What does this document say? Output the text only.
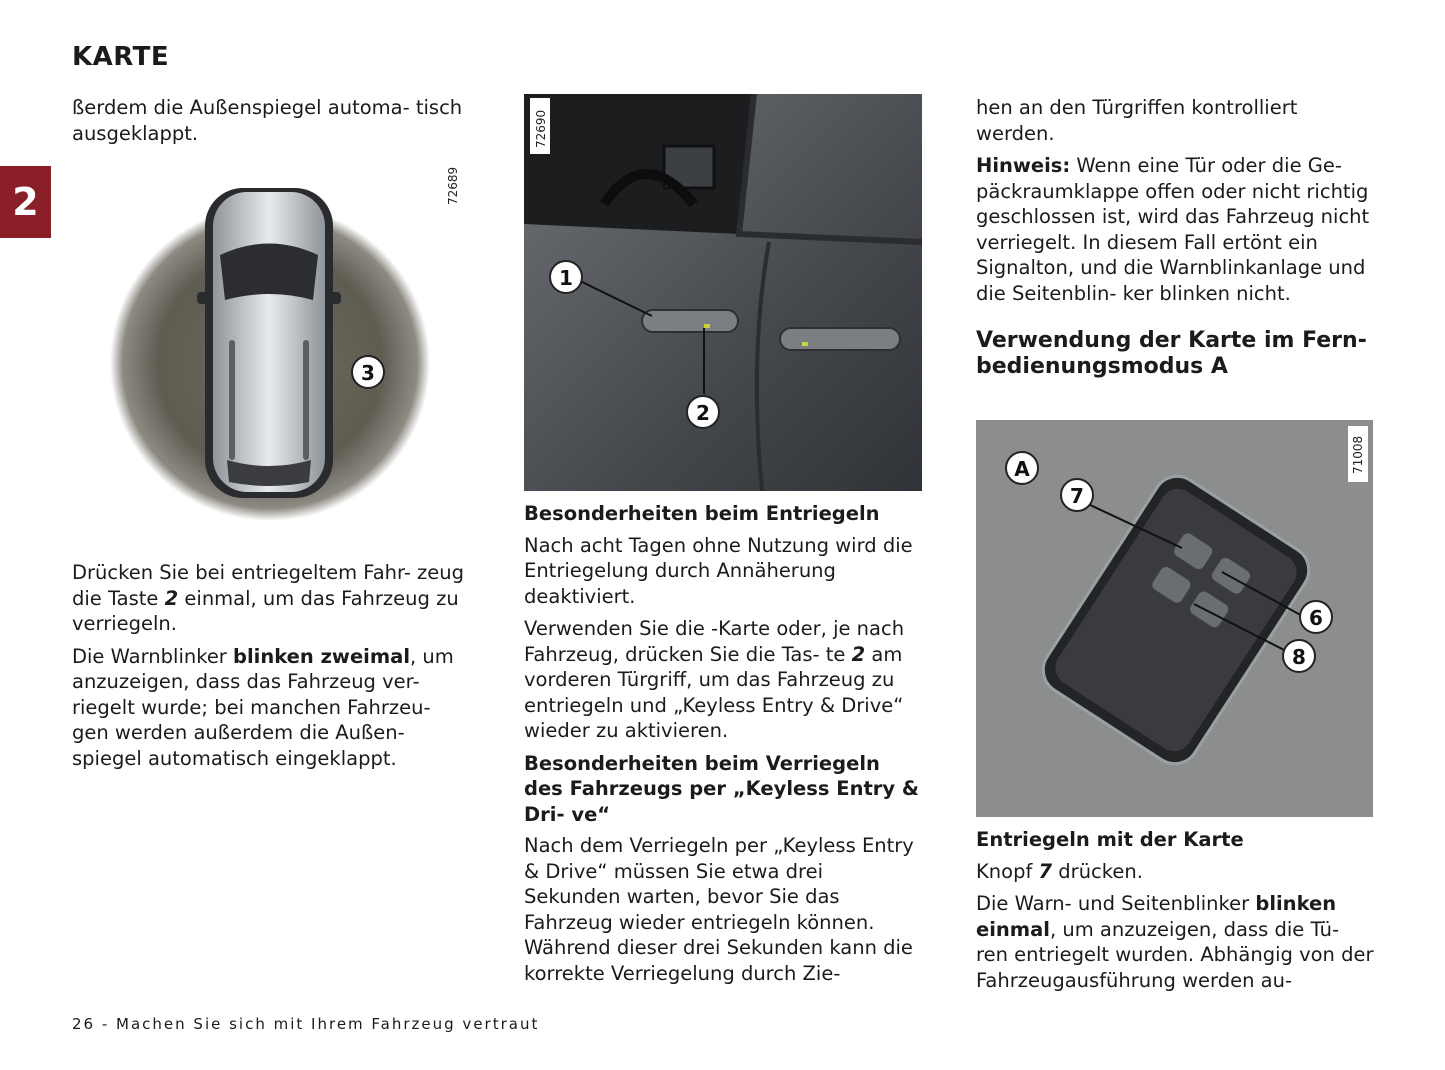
KARTE
2

ßerdem die Außenspiegel automa- tisch ausgeklappt.

3
72689

Drücken Sie bei entriegeltem Fahr- zeug die Taste 2 einmal, um das Fahrzeug zu verriegeln.

Die Warnblinker blinken zweimal, um anzuzeigen, dass das Fahrzeug ver- riegelt wurde; bei manchen Fahrzeu- gen werden außerdem die Außen- spiegel automatisch eingeklappt.

1
2
72690
Besonderheiten beim Entriegeln

Nach acht Tagen ohne Nutzung wird die Entriegelung durch Annäherung deaktiviert.

Verwenden Sie die -Karte oder, je nach Fahrzeug, drücken Sie die Tas- te 2 am vorderen Türgriff, um das Fahrzeug zu entriegeln und „Keyless Entry & Drive“ wieder zu aktivieren.

Besonderheiten beim Verriegeln des Fahrzeugs per „Keyless Entry & Dri- ve“

Nach dem Verriegeln per „Keyless Entry & Drive“ müssen Sie etwa drei Sekunden warten, bevor Sie das Fahrzeug wieder entriegeln können. Während dieser drei Sekunden kann die korrekte Verriegelung durch Zie-

hen an den Türgriffen kontrolliert werden.

Hinweis: Wenn eine Tür oder die Ge- päckraumklappe offen oder nicht richtig geschlossen ist, wird das Fahrzeug nicht verriegelt. In diesem Fall ertönt ein Signalton, und die Warnblinkanlage und die Seitenblin- ker blinken nicht.

Verwendung der Karte im Fern- bedienungsmodus A
A
7
6
8
71008
Entriegeln mit der Karte

Knopf 7 drücken.

Die Warn- und Seitenblinker blinken einmal, um anzuzeigen, dass die Tü- ren entriegelt wurden. Abhängig von der Fahrzeugausführung werden au-

26 - Machen Sie sich mit Ihrem Fahrzeug vertraut
